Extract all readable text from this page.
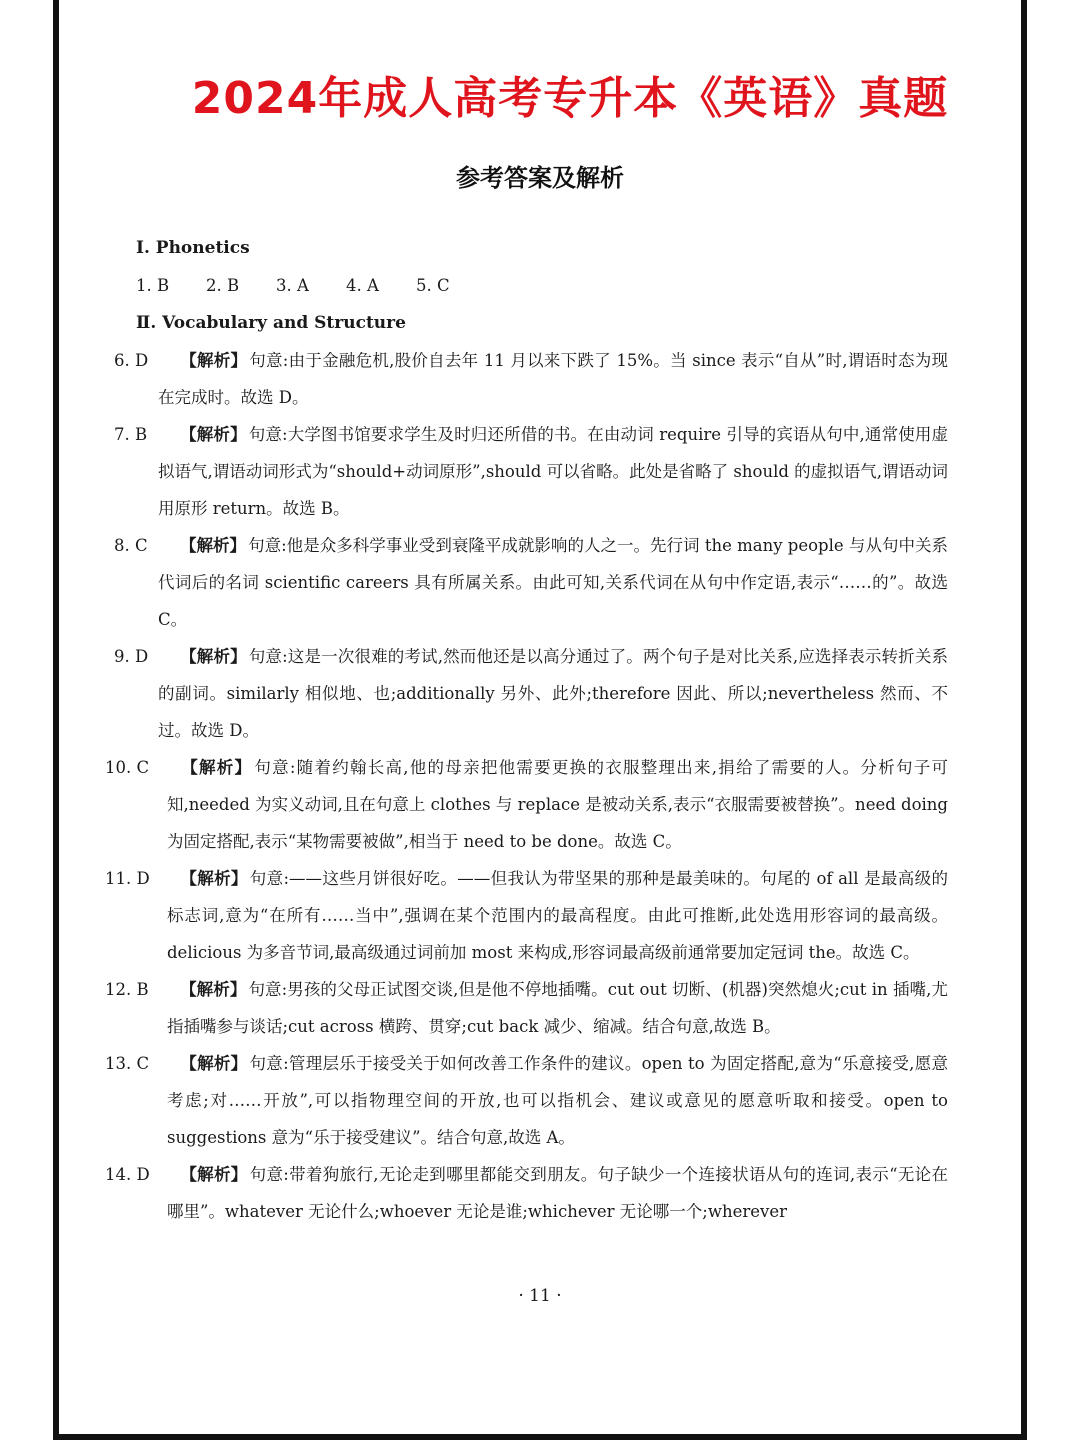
2024年成人高考专升本《英语》真题
参考答案及解析
Ⅰ. Phonetics
1. B	2. B	3. A	4. A	5. C
Ⅱ. Vocabulary and Structure
6. D 【解析】 句意:由于金融危机,股价自去年 11 月以来下跌了 15%。当 since 表示“自从”时,谓语时态为现在完成时。故选 D。
7. B 【解析】 句意:大学图书馆要求学生及时归还所借的书。在由动词 require 引导的宾语从句中,通常使用虚拟语气,谓语动词形式为“should+动词原形”,should 可以省略。此处是省略了 should 的虚拟语气,谓语动词用原形 return。故选 B。
8. C 【解析】 句意:他是众多科学事业受到衰隆平成就影响的人之一。先行词 the many people 与从句中关系代词后的名词 scientific careers 具有所属关系。由此可知,关系代词在从句中作定语,表示“……的”。故选 C。
9. D 【解析】 句意:这是一次很难的考试,然而他还是以高分通过了。两个句子是对比关系,应选择表示转折关系的副词。similarly 相似地、也;additionally 另外、此外;therefore 因此、所以;nevertheless 然而、不过。故选 D。
10. C 【解析】 句意:随着约翰长高,他的母亲把他需要更换的衣服整理出来,捐给了需要的人。分析句子可知,needed 为实义动词,且在句意上 clothes 与 replace 是被动关系,表示“衣服需要被替换”。need doing 为固定搭配,表示“某物需要被做”,相当于 need to be done。故选 C。
11. D 【解析】 句意:——这些月饼很好吃。——但我认为带坚果的那种是最美味的。句尾的 of all 是最高级的标志词,意为“在所有……当中”,强调在某个范围内的最高程度。由此可推断,此处选用形容词的最高级。delicious 为多音节词,最高级通过词前加 most 来构成,形容词最高级前通常要加定冠词 the。故选 C。
12. B 【解析】 句意:男孩的父母正试图交谈,但是他不停地插嘴。cut out 切断、(机器)突然熄火;cut in 插嘴,尤指插嘴参与谈话;cut across 横跨、贯穿;cut back 减少、缩减。结合句意,故选 B。
13. C 【解析】 句意:管理层乐于接受关于如何改善工作条件的建议。open to 为固定搭配,意为“乐意接受,愿意考虑;对……开放”,可以指物理空间的开放,也可以指机会、建议或意见的愿意听取和接受。open to suggestions 意为“乐于接受建议”。结合句意,故选 A。
14. D 【解析】 句意:带着狗旅行,无论走到哪里都能交到朋友。句子缺少一个连接状语从句的连词,表示“无论在哪里”。whatever 无论什么;whoever 无论是谁;whichever 无论哪一个;wherever
· 11 ·
